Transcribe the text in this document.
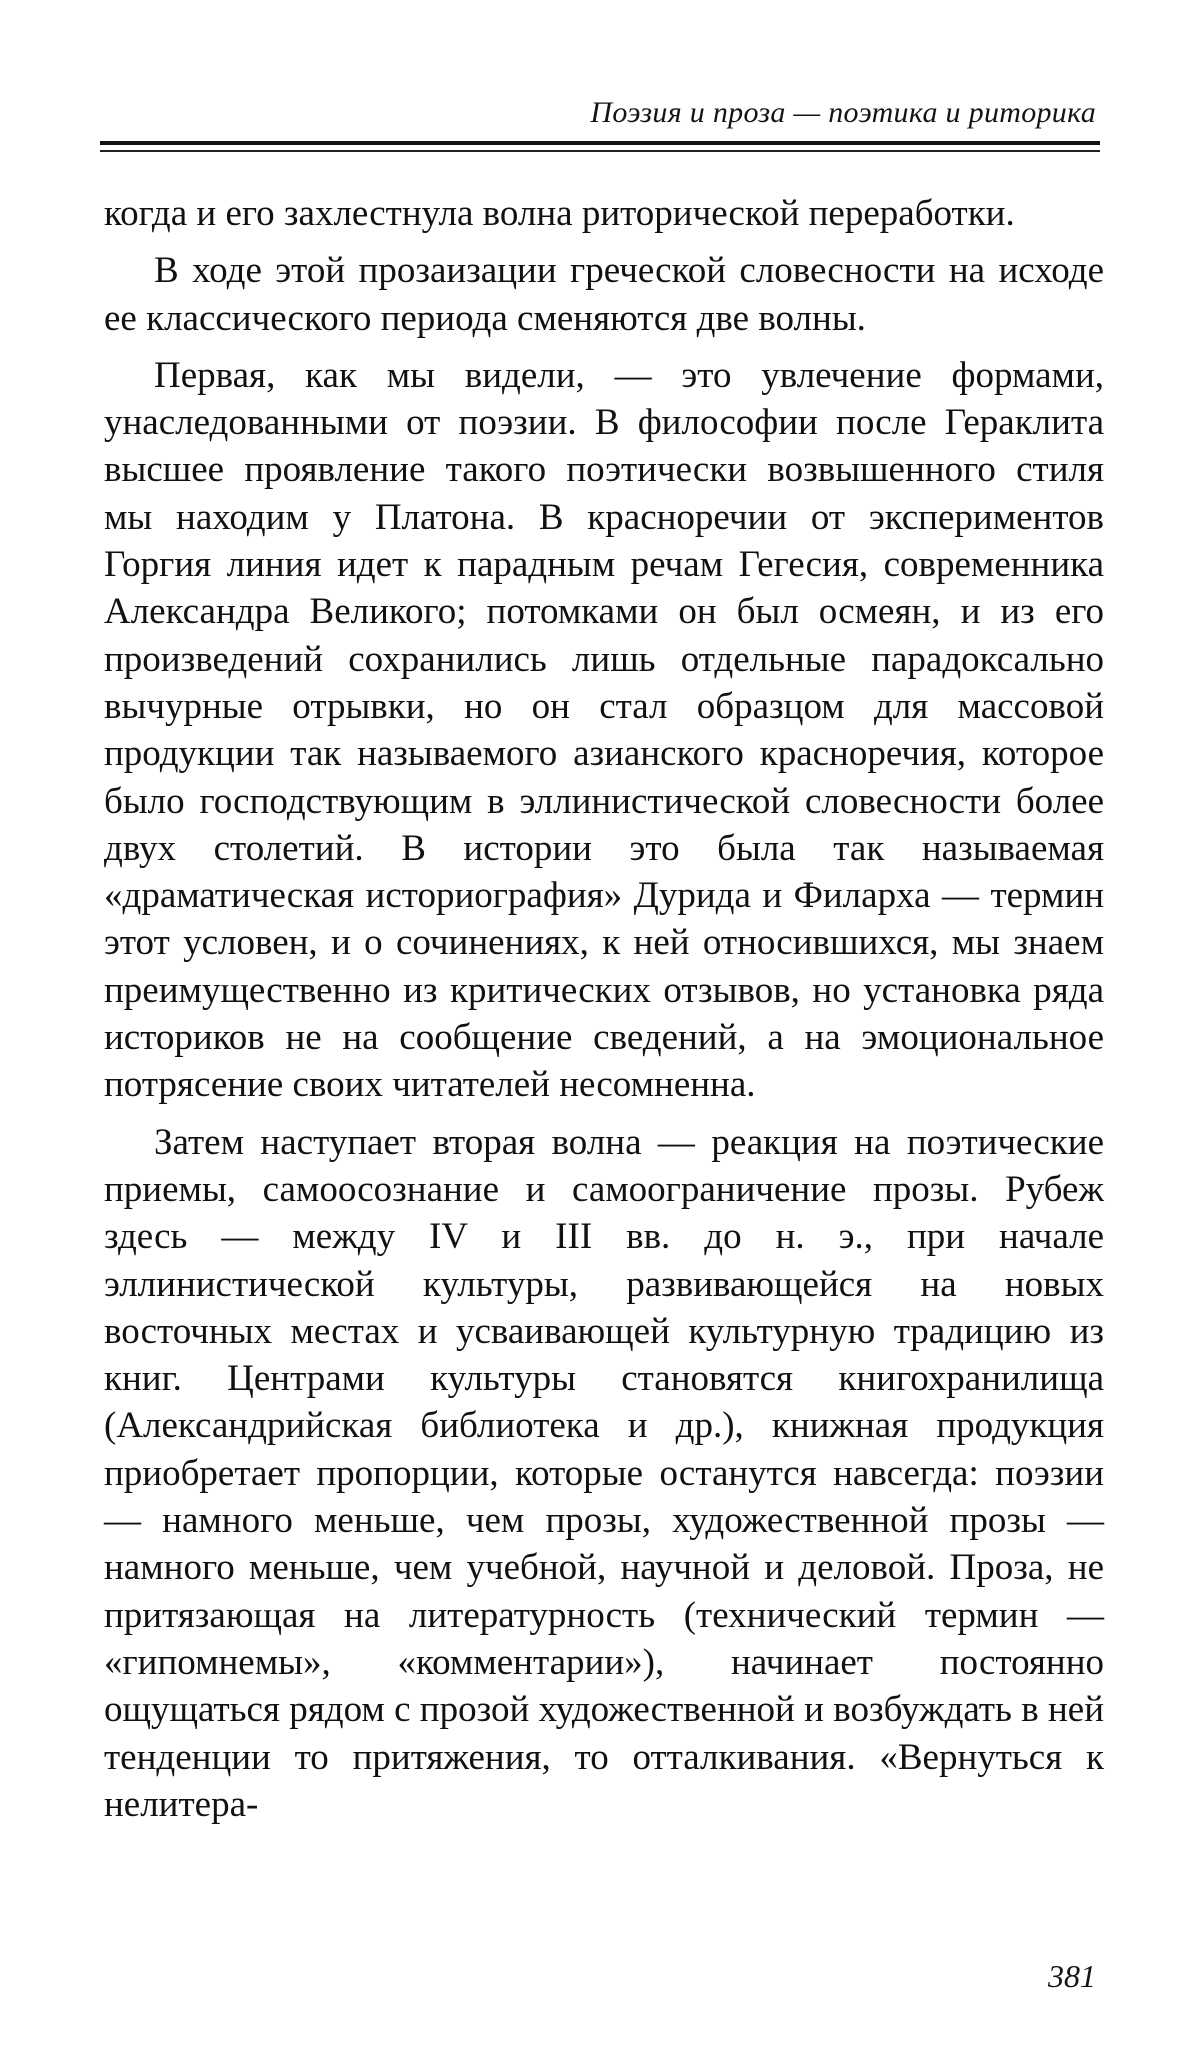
Поэзия и проза — поэтика и риторика

когда и его захлестнула волна риторической переработки.

В ходе этой прозаизации греческой словесности на исходе ее классического периода сменяются две волны.

Первая, как мы видели, — это увлечение формами, унаследованными от поэзии. В философии после Гераклита высшее проявление такого поэтически возвышенного стиля мы находим у Платона. В красноречии от экспериментов Горгия линия идет к парадным речам Гегесия, современника Александра Великого; потомками он был осмеян, и из его произведений сохранились лишь отдельные парадоксально вычурные отрывки, но он стал образцом для массовой продукции так называемого азианского красноречия, которое было господствующим в эллинистической словесности более двух столетий. В истории это была так называемая «драматическая историография» Дурида и Филарха — термин этот условен, и о сочинениях, к ней относившихся, мы знаем преимущественно из критических отзывов, но установка ряда историков не на сообщение сведений, а на эмоциональное потрясение своих читателей несомненна.

Затем наступает вторая волна — реакция на поэтические приемы, самоосознание и самоограничение прозы. Рубеж здесь — между IV и III вв. до н. э., при начале эллинистической культуры, развивающейся на новых восточных местах и усваивающей культурную традицию из книг. Центрами культуры становятся книгохранилища (Александрийская библиотека и др.), книжная продукция приобретает пропорции, которые останутся навсегда: поэзии — намного меньше, чем прозы, художественной прозы — намного меньше, чем учебной, научной и деловой. Проза, не притязающая на литературность (технический термин — «гипомнемы», «комментарии»), начинает постоянно ощущаться рядом с прозой художественной и возбуждать в ней тенденции то притяжения, то отталкивания. «Вернуться к нелитера-

381
